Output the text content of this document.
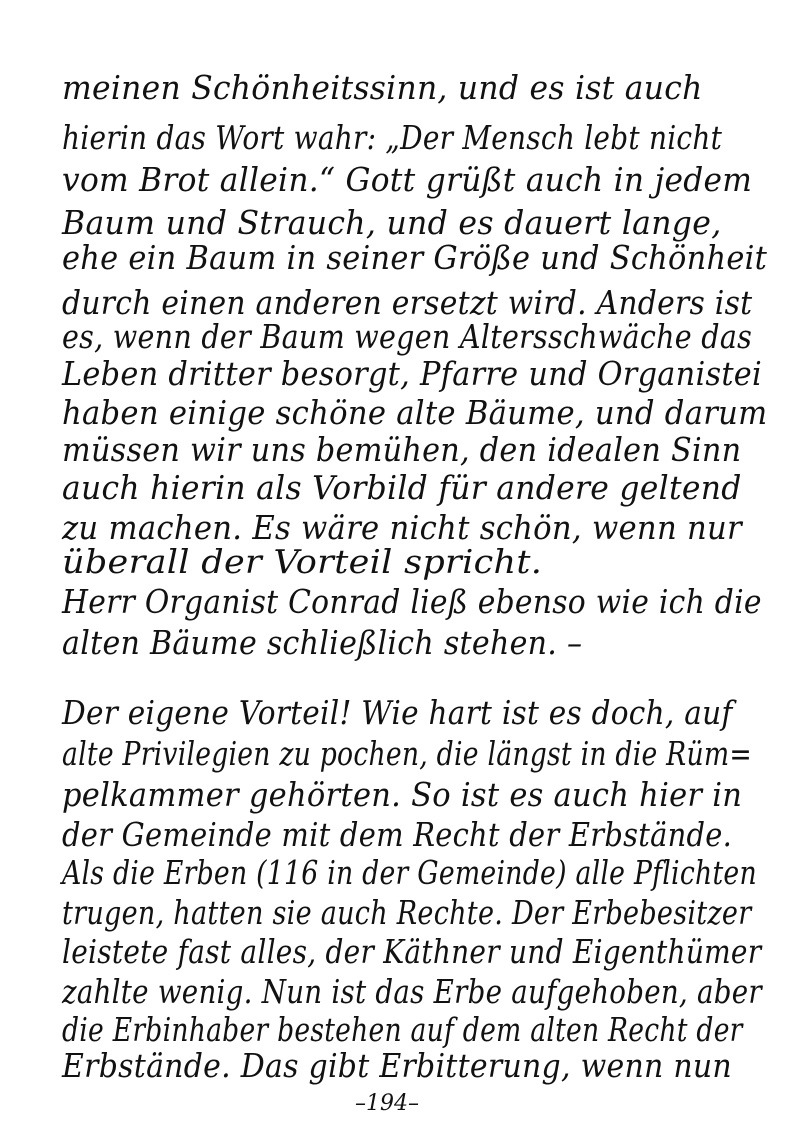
meinen Schönheitssinn, und es ist auch
hierin das Wort wahr: „Der Mensch lebt nicht
vom Brot allein.“ Gott grüßt auch in jedem
Baum und Strauch, und es dauert lange,
ehe ein Baum in seiner Größe und Schönheit
durch einen anderen ersetzt wird. Anders ist
es, wenn der Baum wegen Altersschwäche das
Leben dritter besorgt, Pfarre und Organistei
haben einige schöne alte Bäume, und darum
müssen wir uns bemühen, den idealen Sinn
auch hierin als Vorbild für andere geltend
zu machen. Es wäre nicht schön, wenn nur
überall der Vorteil spricht.
Herr Organist Conrad ließ ebenso wie ich die
alten Bäume schließlich stehen. –
Der eigene Vorteil! Wie hart ist es doch, auf
alte Privilegien zu pochen, die längst in die Rüm=
pelkammer gehörten. So ist es auch hier in
der Gemeinde mit dem Recht der Erbstände.
Als die Erben (116 in der Gemeinde) alle Pflichten
trugen, hatten sie auch Rechte. Der Erbebesitzer
leistete fast alles, der Käthner und Eigenthümer
zahlte wenig. Nun ist das Erbe aufgehoben, aber
die Erbinhaber bestehen auf dem alten Recht der
Erbstände. Das gibt Erbitterung, wenn nun
–194–
